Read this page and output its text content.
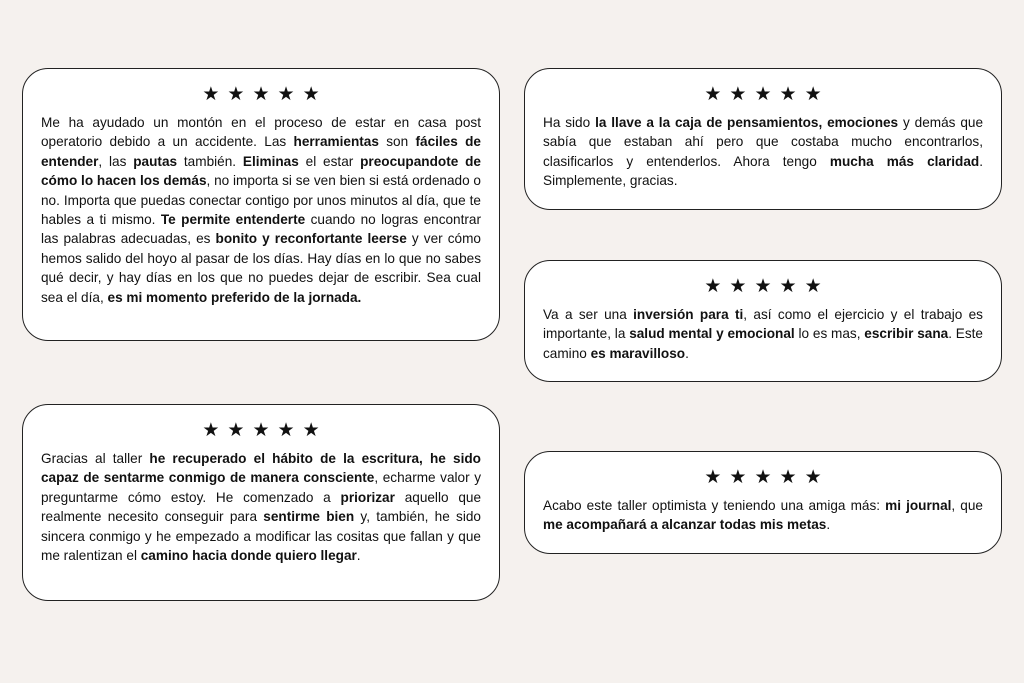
★ ★ ★ ★ ★

Me ha ayudado un montón en el proceso de estar en casa post operatorio debido a un accidente. Las herramientas son fáciles de entender, las pautas también. Eliminas el estar preocupandote de cómo lo hacen los demás, no importa si se ven bien si está ordenado o no. Importa que puedas conectar contigo por unos minutos al día, que te hables a ti mismo. Te permite entenderte cuando no logras encontrar las palabras adecuadas, es bonito y reconfortante leerse y ver cómo hemos salido del hoyo al pasar de los días. Hay días en lo que no sabes qué decir, y hay días en los que no puedes dejar de escribir. Sea cual sea el día, es mi momento preferido de la jornada.

★ ★ ★ ★ ★

Gracias al taller he recuperado el hábito de la escritura, he sido capaz de sentarme conmigo de manera consciente, echarme valor y preguntarme cómo estoy. He comenzado a priorizar aquello que realmente necesito conseguir para sentirme bien y, también, he sido sincera conmigo y he empezado a modificar las cositas que fallan y que me ralentizan el camino hacia donde quiero llegar.

★ ★ ★ ★ ★

Ha sido la llave a la caja de pensamientos, emociones y demás que sabía que estaban ahí pero que costaba mucho encontrarlos, clasificarlos y entenderlos. Ahora tengo mucha más claridad. Simplemente, gracias.

★ ★ ★ ★ ★

Va a ser una inversión para ti, así como el ejercicio y el trabajo es importante, la salud mental y emocional lo es mas, escribir sana. Este camino es maravilloso.

★ ★ ★ ★ ★

Acabo este taller optimista y teniendo una amiga más: mi journal, que me acompañará a alcanzar todas mis metas.
